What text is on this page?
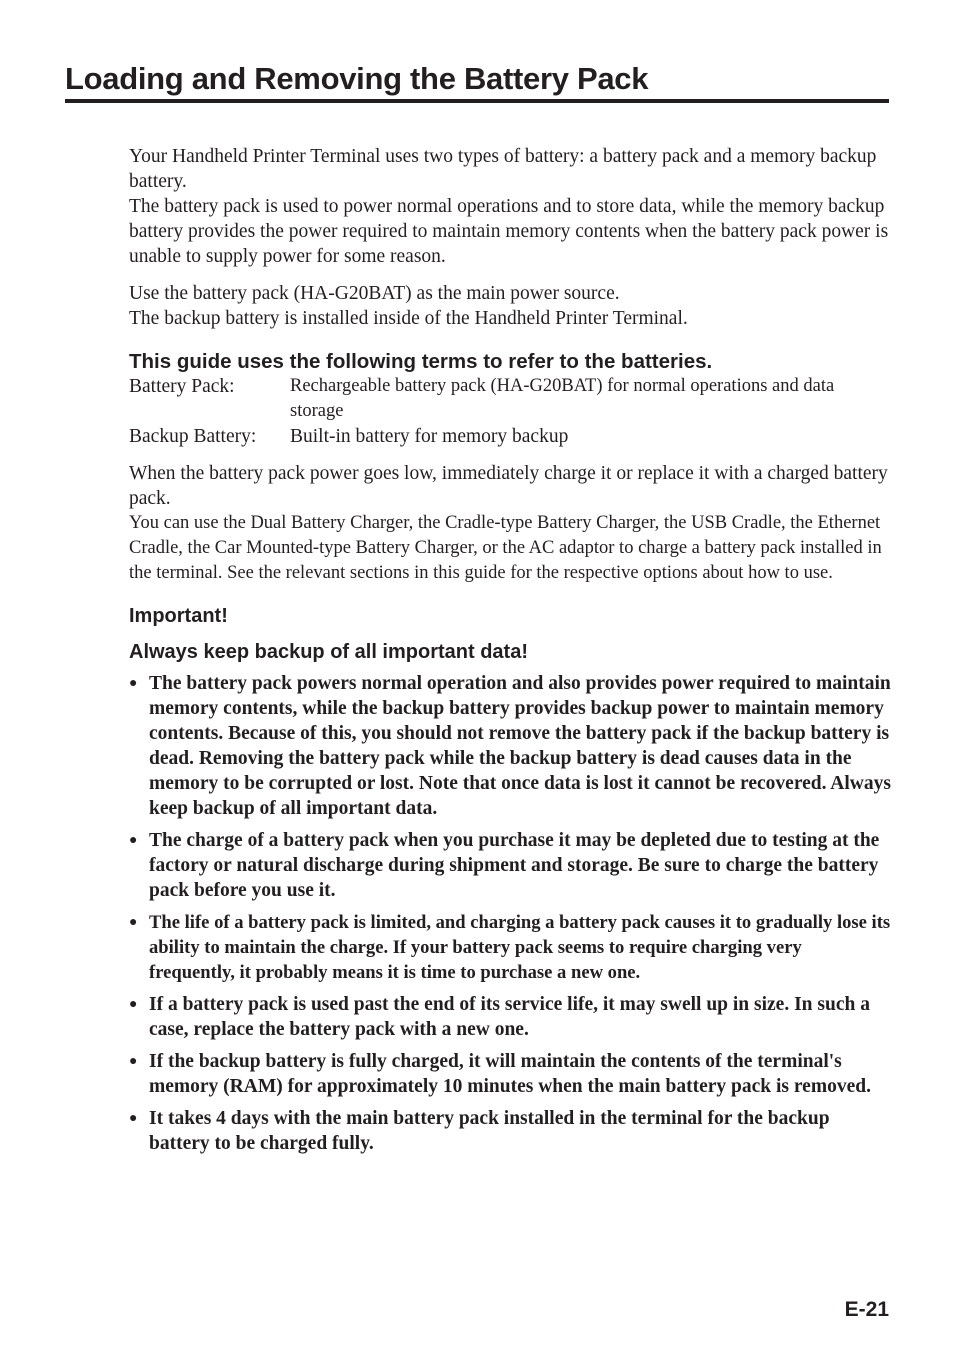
Loading and Removing the Battery Pack

Your Handheld Printer Terminal uses two types of battery: a battery pack and a memory backup battery.

The battery pack is used to power normal operations and to store data, while the memory backup battery provides the power required to maintain memory contents when the battery pack power is unable to supply power for some reason.

Use the battery pack (HA-G20BAT) as the main power source.

The backup battery is installed inside of the Handheld Printer Terminal.

This guide uses the following terms to refer to the batteries.
Battery Pack:	Rechargeable battery pack (HA-G20BAT) for normal operations and data storage
Backup Battery:	Built-in battery for memory backup

When the battery pack power goes low, immediately charge it or replace it with a charged battery pack.

You can use the Dual Battery Charger, the Cradle-type Battery Charger, the USB Cradle, the Ethernet Cradle, the Car Mounted-type Battery Charger, or the AC adaptor to charge a battery pack installed in the terminal. See the relevant sections in this guide for the respective options about how to use.

Important!
Always keep backup of all important data!
● The battery pack powers normal operation and also provides power required to maintain memory contents, while the backup battery provides backup power to maintain memory contents. Because of this, you should not remove the battery pack if the backup battery is dead. Removing the battery pack while the backup battery is dead causes data in the memory to be corrupted or lost. Note that once data is lost it cannot be recovered. Always keep backup of all important data.
● The charge of a battery pack when you purchase it may be depleted due to testing at the factory or natural discharge during shipment and storage. Be sure to charge the battery pack before you use it.
● The life of a battery pack is limited, and charging a battery pack causes it to gradually lose its ability to maintain the charge. If your battery pack seems to require charging very frequently, it probably means it is time to purchase a new one.
● If a battery pack is used past the end of its service life, it may swell up in size. In such a case, replace the battery pack with a new one.
● If the backup battery is fully charged, it will maintain the contents of the terminal's memory (RAM) for approximately 10 minutes when the main battery pack is removed.
● It takes 4 days with the main battery pack installed in the terminal for the backup battery to be charged fully.
E-21
